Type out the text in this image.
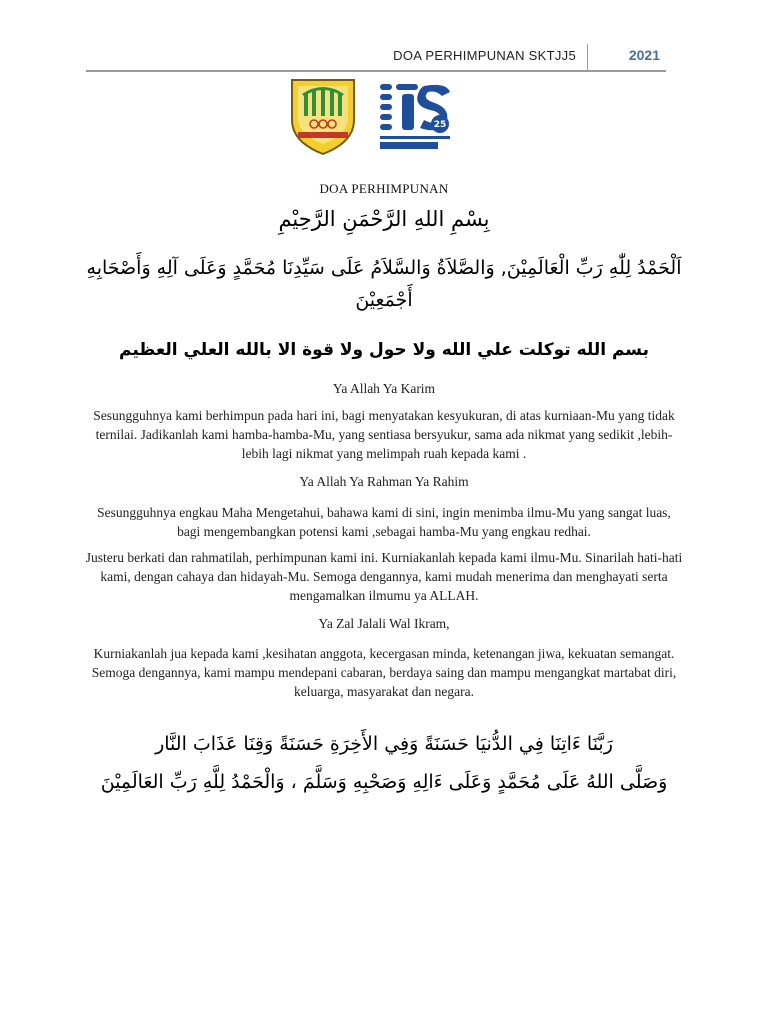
DOA PERHIMPUNAN SKTJJ5	2021
25
DOA PERHIMPUNAN
بِسْمِ اللهِ الرَّحْمَنِ الرَّحِيْمِ
اَلْحَمْدُ لِلّٰهِ رَبِّ الْعَالَمِيْنَ, وَالصَّلاَةُ وَالسَّلاَمُ عَلَى سَيِّدِنَا مُحَمَّدٍ وَعَلَى آلِهِ وَأَصْحَابِهِ أَجْمَعِيْنَ
بسم الله توكلت علي الله ولا حول ولا قوة الا بالله العلي العظيم
Ya Allah Ya Karim
Sesungguhnya kami berhimpun pada hari ini, bagi menyatakan kesyukuran, di atas kurniaan-Mu yang tidak ternilai. Jadikanlah kami hamba-hamba-Mu, yang sentiasa bersyukur, sama ada nikmat yang sedikit ,lebih-lebih lagi nikmat yang melimpah ruah kepada kami .
Ya Allah Ya Rahman Ya Rahim
Sesungguhnya engkau Maha Mengetahui, bahawa kami di sini, ingin menimba ilmu-Mu yang sangat luas, bagi mengembangkan potensi kami ,sebagai hamba-Mu yang engkau redhai.
Justeru berkati dan rahmatilah, perhimpunan kami ini. Kurniakanlah kepada kami ilmu-Mu. Sinarilah hati-hati kami, dengan cahaya dan hidayah-Mu. Semoga dengannya, kami mudah menerima dan menghayati serta mengamalkan ilmumu ya ALLAH.
Ya Zal Jalali Wal Ikram,
Kurniakanlah jua kepada kami ,kesihatan anggota, kecergasan minda, ketenangan jiwa, kekuatan semangat. Semoga dengannya, kami mampu mendepani cabaran, berdaya saing dan mampu mengangkat martabat diri, keluarga, masyarakat dan negara.
رَبَّنَا ءَاتِنَا فِي الدُّنيَا حَسَنَةً وَفِي الأَخِرَةِ حَسَنَةً وَقِنَا عَذَابَ النَّار
وَصَلَّى اللهُ عَلَى مُحَمَّدٍ وَعَلَى ءَالِهِ وَصَحْبِهِ وَسَلَّمَ ، وَالْحَمْدُ لِلَّهِ رَبِّ العَالَمِيْنَ
